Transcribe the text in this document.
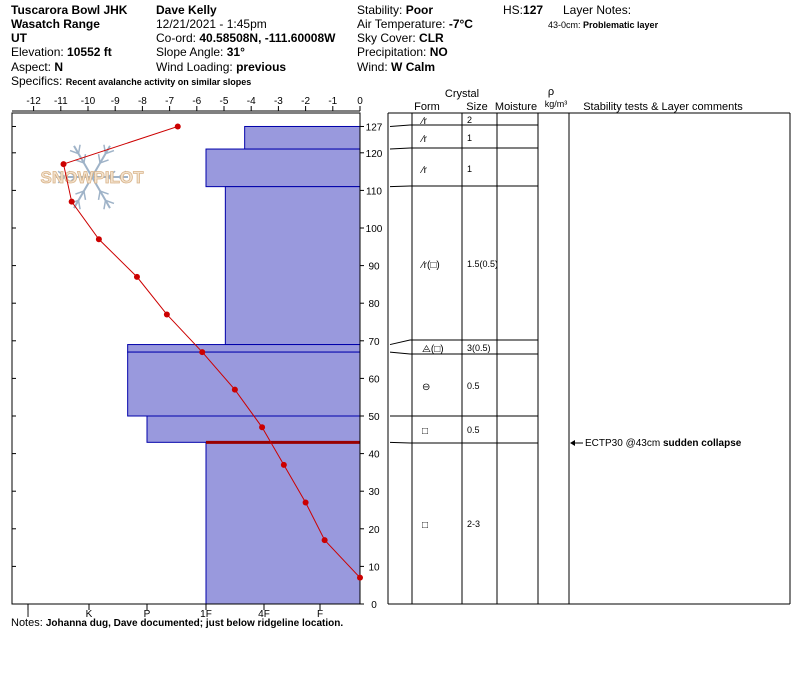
Tuscarora Bowl JHK
Wasatch Range
UT
Elevation: 10552 ft
Aspect: N
Specifics: Recent avalanche activity on similar slopes
Dave Kelly
12/21/2021 - 1:45pm
Co-ord: 40.58508N, -111.60008W
Slope Angle: 31°
Wind Loading: previous
Stability: Poor
Air Temperature: -7°C
Sky Cover: CLR
Precipitation: NO
Wind: W Calm
HS:127 Layer Notes:
43-0cm: Problematic layer
SNOWPILOT
-12 -11 -10 -9 -8 -7 -6 -5 -4 -3 -2 -1 0
0
10
20
30
40
50
60
70
80
90
100
110
120
127
I	K	P	1F	4F	F
Crystal
Form Size Moisture
ρ
kg/m³ Stability tests & Layer comments
⁄r	2
⁄r	1
⁄r	1
⁄r(□)	1.5(0.5)
⨺(□)	3(0.5)
⊖	0.5
□	0.5
□	2-3
ECTP30 @43cm sudden collapse
Notes: Johanna dug, Dave documented; just below ridgeline location.
